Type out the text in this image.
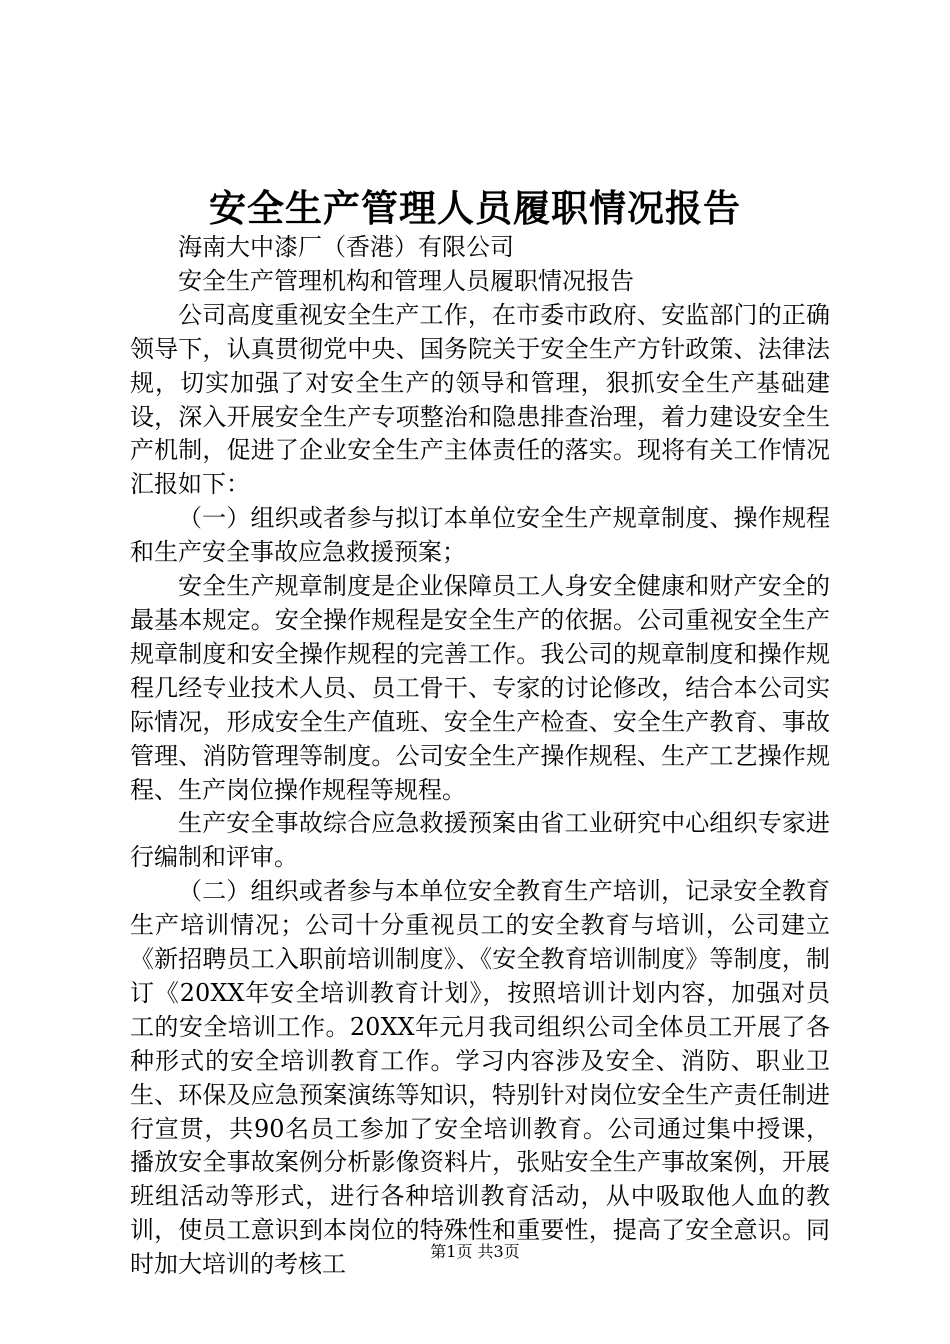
安全生产管理人员履职情况报告

海南大中漆厂（香港）有限公司

安全生产管理机构和管理人员履职情况报告

公司高度重视安全生产工作，在市委市政府、安监部门的正确领导下，认真贯彻党中央、国务院关于安全生产方针政策、法律法规，切实加强了对安全生产的领导和管理，狠抓安全生产基础建设，深入开展安全生产专项整治和隐患排查治理，着力建设安全生产机制，促进了企业安全生产主体责任的落实。现将有关工作情况汇报如下：

（一）组织或者参与拟订本单位安全生产规章制度、操作规程和生产安全事故应急救援预案；

安全生产规章制度是企业保障员工人身安全健康和财产安全的最基本规定。安全操作规程是安全生产的依据。公司重视安全生产规章制度和安全操作规程的完善工作。我公司的规章制度和操作规程几经专业技术人员、员工骨干、专家的讨论修改，结合本公司实际情况，形成安全生产值班、安全生产检查、安全生产教育、事故管理、消防管理等制度。公司安全生产操作规程、生产工艺操作规程、生产岗位操作规程等规程。

生产安全事故综合应急救援预案由省工业研究中心组织专家进行编制和评审。

（二）组织或者参与本单位安全教育生产培训，记录安全教育生产培训情况；公司十分重视员工的安全教育与培训，公司建立《新招聘员工入职前培训制度》、《安全教育培训制度》等制度，制订《20XX年安全培训教育计划》，按照培训计划内容，加强对员工的安全培训工作。20XX年元月我司组织公司全体员工开展了各种形式的安全培训教育工作。学习内容涉及安全、消防、职业卫生、环保及应急预案演练等知识，特别针对岗位安全生产责任制进行宣贯，共90名员工参加了安全培训教育。公司通过集中授课，播放安全事故案例分析影像资料片，张贴安全生产事故案例，开展班组活动等形式，进行各种培训教育活动，从中吸取他人血的教训，使员工意识到本岗位的特殊性和重要性，提高了安全意识。同时加大培训的考核工	第1页 共3页
